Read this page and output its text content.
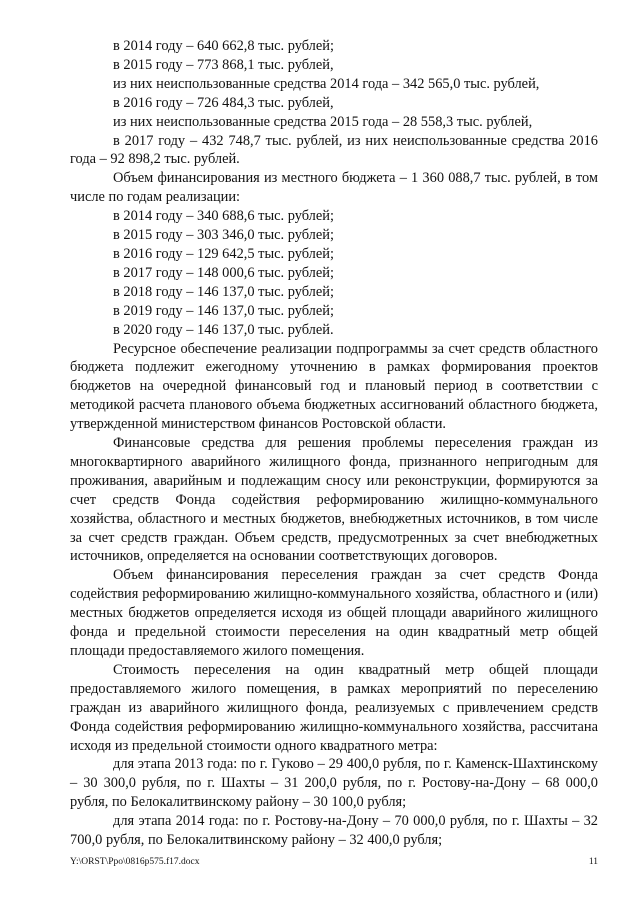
в 2014 году – 640 662,8 тыс. рублей;

в 2015 году – 773 868,1 тыс. рублей,

из них неиспользованные средства 2014 года – 342 565,0 тыс. рублей,

в 2016 году – 726 484,3 тыс. рублей,

из них неиспользованные средства 2015 года – 28 558,3 тыс. рублей,

в 2017 году – 432 748,7 тыс. рублей, из них неиспользованные средства 2016 года – 92 898,2 тыс. рублей.

Объем финансирования из местного бюджета – 1 360 088,7 тыс. рублей, в том числе по годам реализации:

в 2014 году – 340 688,6 тыс. рублей;

в 2015 году – 303 346,0 тыс. рублей;

в 2016 году – 129 642,5 тыс. рублей;

в 2017 году – 148 000,6 тыс. рублей;

в 2018 году – 146 137,0 тыс. рублей;

в 2019 году – 146 137,0 тыс. рублей;

в 2020 году – 146 137,0 тыс. рублей.

Ресурсное обеспечение реализации подпрограммы за счет средств областного бюджета подлежит ежегодному уточнению в рамках формирования проектов бюджетов на очередной финансовый год и плановый период в соответствии с методикой расчета планового объема бюджетных ассигнований областного бюджета, утвержденной министерством финансов Ростовской области.

Финансовые средства для решения проблемы переселения граждан из многоквартирного аварийного жилищного фонда, признанного непригодным для проживания, аварийным и подлежащим сносу или реконструкции, формируются за счет средств Фонда содействия реформированию жилищно-коммунального хозяйства, областного и местных бюджетов, внебюджетных источников, в том числе за счет средств граждан. Объем средств, предусмотренных за счет внебюджетных источников, определяется на основании соответствующих договоров.

Объем финансирования переселения граждан за счет средств Фонда содействия реформированию жилищно-коммунального хозяйства, областного и (или) местных бюджетов определяется исходя из общей площади аварийного жилищного фонда и предельной стоимости переселения на один квадратный метр общей площади предоставляемого жилого помещения.

Стоимость переселения на один квадратный метр общей площади предоставляемого жилого помещения, в рамках мероприятий по переселению граждан из аварийного жилищного фонда, реализуемых с привлечением средств Фонда содействия реформированию жилищно-коммунального хозяйства, рассчитана исходя из предельной стоимости одного квадратного метра:

для этапа 2013 года: по г. Гуково – 29 400,0 рубля, по г. Каменск-Шахтинскому – 30 300,0 рубля, по г. Шахты – 31 200,0 рубля, по г. Ростову-на-Дону – 68 000,0 рубля, по Белокалитвинскому району – 30 100,0 рубля;

для этапа 2014 года: по г. Ростову-на-Дону – 70 000,0 рубля, по г. Шахты – 32 700,0 рубля, по Белокалитвинскому району – 32 400,0 рубля;

Y:\ORST\Ppo\0816p575.f17.docx	11
